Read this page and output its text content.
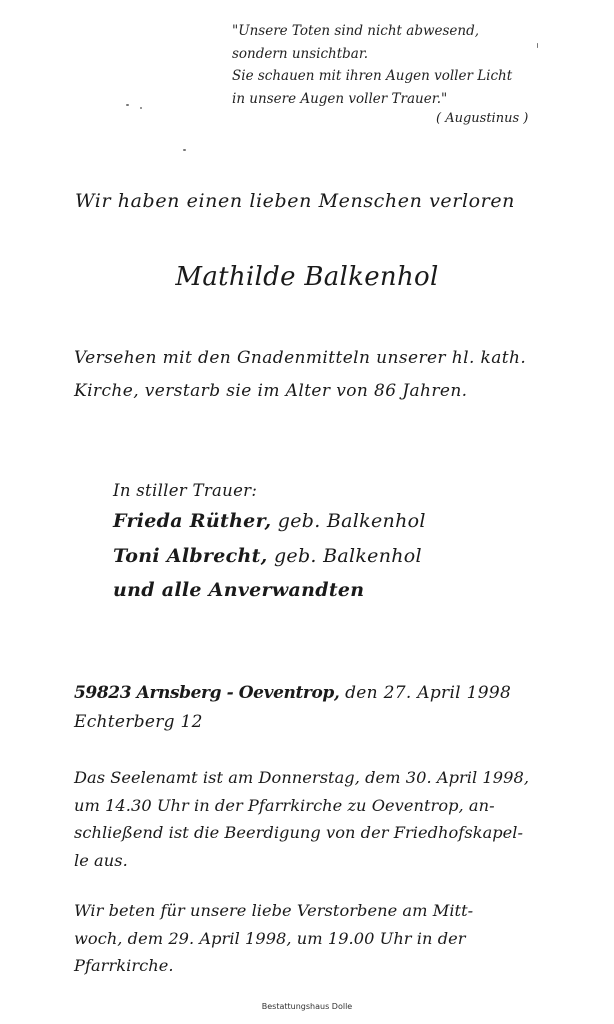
"Unsere Toten sind nicht abwesend,
sondern unsichtbar.
Sie schauen mit ihren Augen voller Licht
in unsere Augen voller Trauer."
( Augustinus )
Wir haben einen lieben Menschen verloren
Mathilde Balkenhol
Versehen mit den Gnadenmitteln unserer hl. kath.
Kirche, verstarb sie im Alter von 86 Jahren.
In stiller Trauer:
Frieda Rüther, geb. Balkenhol
Toni Albrecht, geb. Balkenhol
und alle Anverwandten
59823 Arnsberg - Oeventrop, den 27. April 1998
Echterberg 12
Das Seelenamt ist am Donnerstag, dem 30. April 1998,
um 14.30 Uhr in der Pfarrkirche zu Oeventrop, an-
schließend ist die Beerdigung von der Friedhofskapel-
le aus.
Wir beten für unsere liebe Verstorbene am Mitt-
woch, dem 29. April 1998, um 19.00 Uhr in der
Pfarrkirche.
Bestattungshaus Dolle
